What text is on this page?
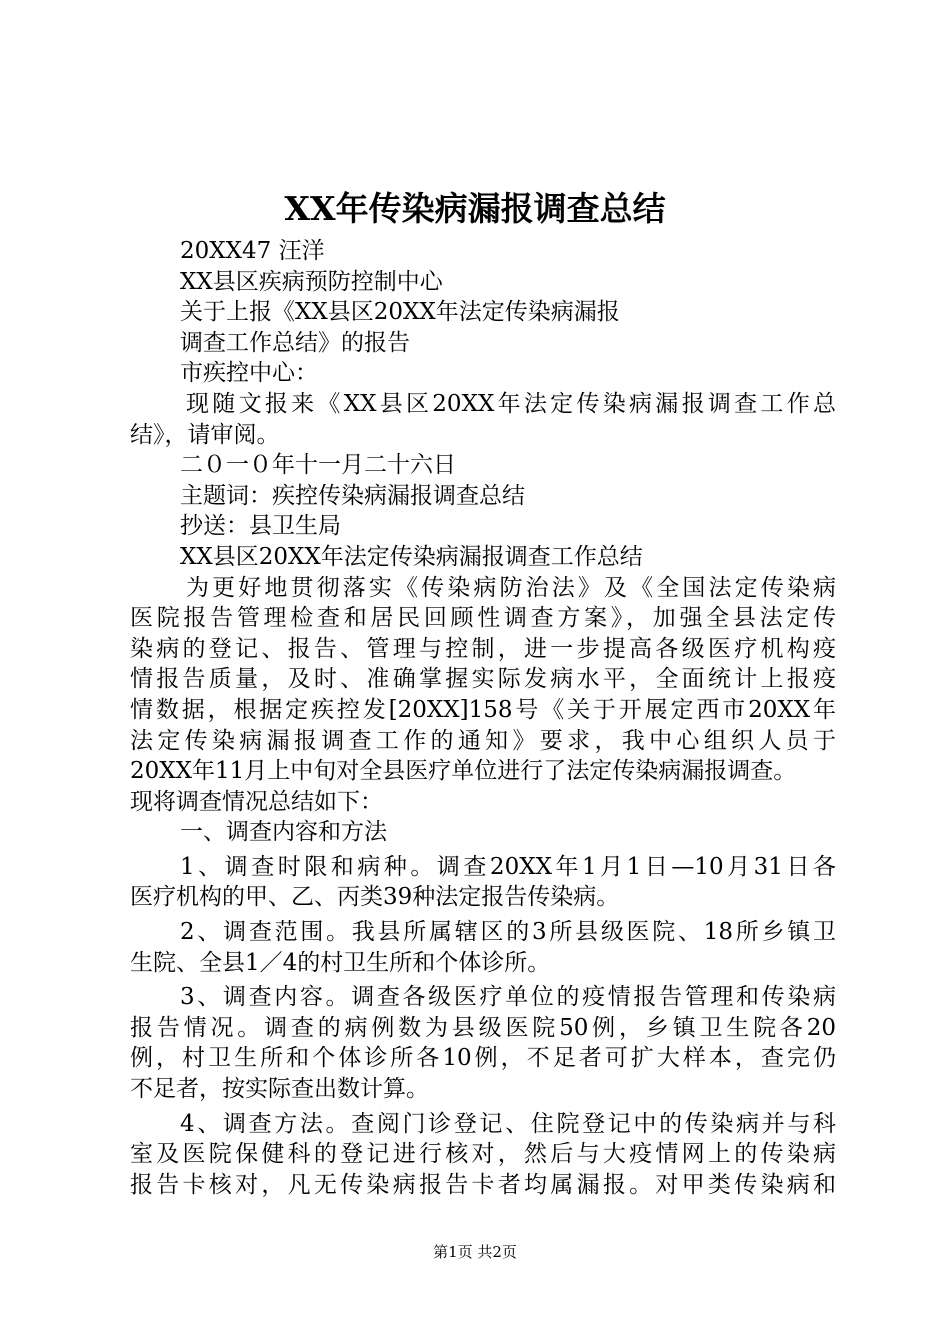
XX年传染病漏报调查总结
20XX47 汪洋
XX县区疾病预防控制中心
关于上报《XX县区20XX年法定传染病漏报
调查工作总结》的报告
市疾控中心：
现随文报来《XX县区20XX年法定传染病漏报调查工作总
结》，请审阅。
二０一０年十一月二十六日
主题词：疾控传染病漏报调查总结
抄送：县卫生局
XX县区20XX年法定传染病漏报调查工作总结
为更好地贯彻落实《传染病防治法》及《全国法定传染病
医院报告管理检查和居民回顾性调查方案》，加强全县法定传
染病的登记、报告、管理与控制，进一步提高各级医疗机构疫
情报告质量，及时、准确掌握实际发病水平，全面统计上报疫
情数据，根据定疾控发[20XX]158号《关于开展定西市20XX年
法定传染病漏报调查工作的通知》要求，我中心组织人员于
20XX年11月上中旬对全县医疗单位进行了法定传染病漏报调查。
现将调查情况总结如下：
一、调查内容和方法
1、调查时限和病种。调查20XX年1月1日—10月31日各
医疗机构的甲、乙、丙类39种法定报告传染病。
2、调查范围。我县所属辖区的3所县级医院、18所乡镇卫
生院、全县1／4的村卫生所和个体诊所。
3、调查内容。调查各级医疗单位的疫情报告管理和传染病
报告情况。调查的病例数为县级医院50例，乡镇卫生院各20
例，村卫生所和个体诊所各10例，不足者可扩大样本，查完仍
不足者，按实际查出数计算。
4、调查方法。查阅门诊登记、住院登记中的传染病并与科
室及医院保健科的登记进行核对，然后与大疫情网上的传染病
报告卡核对，凡无传染病报告卡者均属漏报。对甲类传染病和
第1页 共2页
